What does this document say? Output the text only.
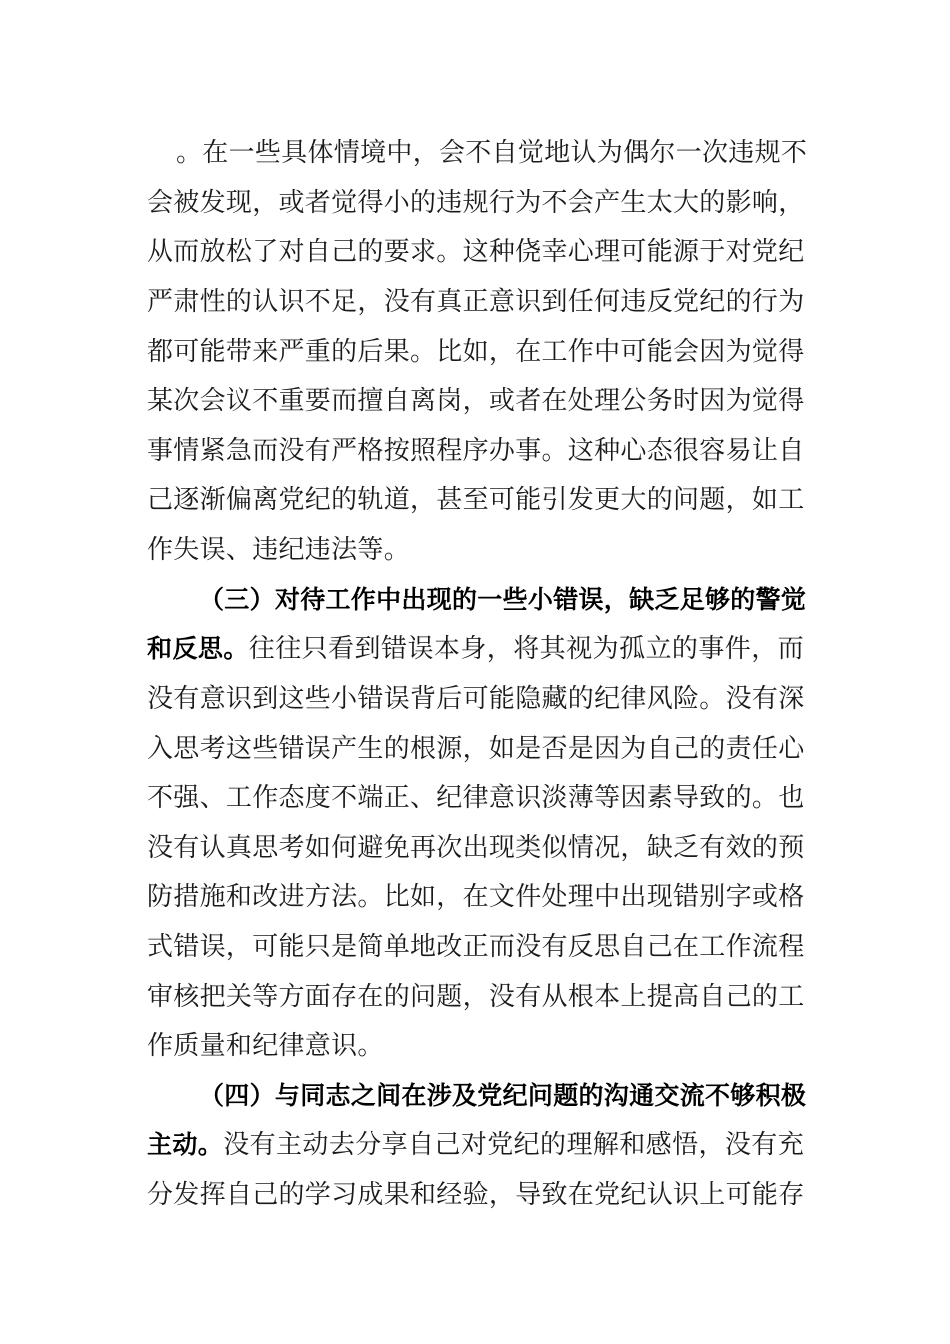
。在一些具体情境中，会不自觉地认为偶尔一次违规不
会被发现，或者觉得小的违规行为不会产生太大的影响，
从而放松了对自己的要求。这种侥幸心理可能源于对党纪
严肃性的认识不足，没有真正意识到任何违反党纪的行为
都可能带来严重的后果。比如，在工作中可能会因为觉得
某次会议不重要而擅自离岗，或者在处理公务时因为觉得
事情紧急而没有严格按照程序办事。这种心态很容易让自
己逐渐偏离党纪的轨道，甚至可能引发更大的问题，如工
作失误、违纪违法等。
（三）对待工作中出现的一些小错误，缺乏足够的警觉
和反思。往往只看到错误本身，将其视为孤立的事件，而
没有意识到这些小错误背后可能隐藏的纪律风险。没有深
入思考这些错误产生的根源，如是否是因为自己的责任心
不强、工作态度不端正、纪律意识淡薄等因素导致的。也
没有认真思考如何避免再次出现类似情况，缺乏有效的预
防措施和改进方法。比如，在文件处理中出现错别字或格
式错误，可能只是简单地改正而没有反思自己在工作流程
审核把关等方面存在的问题，没有从根本上提高自己的工
作质量和纪律意识。
（四）与同志之间在涉及党纪问题的沟通交流不够积极
主动。没有主动去分享自己对党纪的理解和感悟，没有充
分发挥自己的学习成果和经验，导致在党纪认识上可能存
